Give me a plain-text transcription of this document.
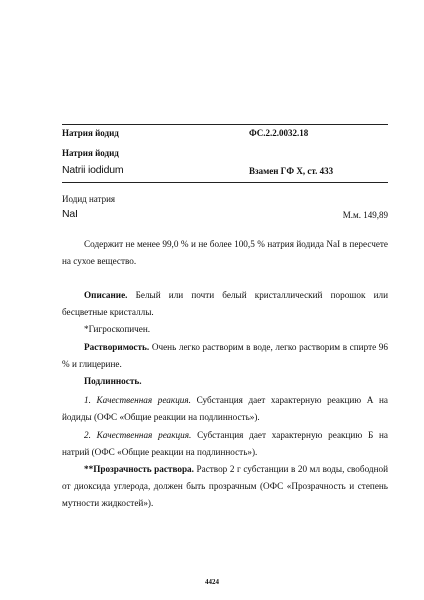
Натрия йодид	ФС.2.2.0032.18
Натрия йодид
Natrii iodidum	Взамен ГФ X, ст. 433
Иодид натрия
NaI	М.м. 149,89

Содержит не менее 99,0 % и не более 100,5 % натрия йодида NaI в пересчете на сухое вещество.

Описание. Белый или почти белый кристаллический порошок или бесцветные кристаллы.

*Гигроскопичен.

Растворимость. Очень легко растворим в воде, легко растворим в спирте 96 % и глицерине.

Подлинность.

1. Качественная реакция. Субстанция дает характерную реакцию А на йодиды (ОФС «Общие реакции на подлинность»).

2. Качественная реакция. Субстанция дает характерную реакцию Б на натрий (ОФС «Общие реакции на подлинность»).

**Прозрачность раствора. Раствор 2 г субстанции в 20 мл воды, свободной от диоксида углерода, должен быть прозрачным (ОФС «Прозрачность и степень мутности жидкостей»).

4424
